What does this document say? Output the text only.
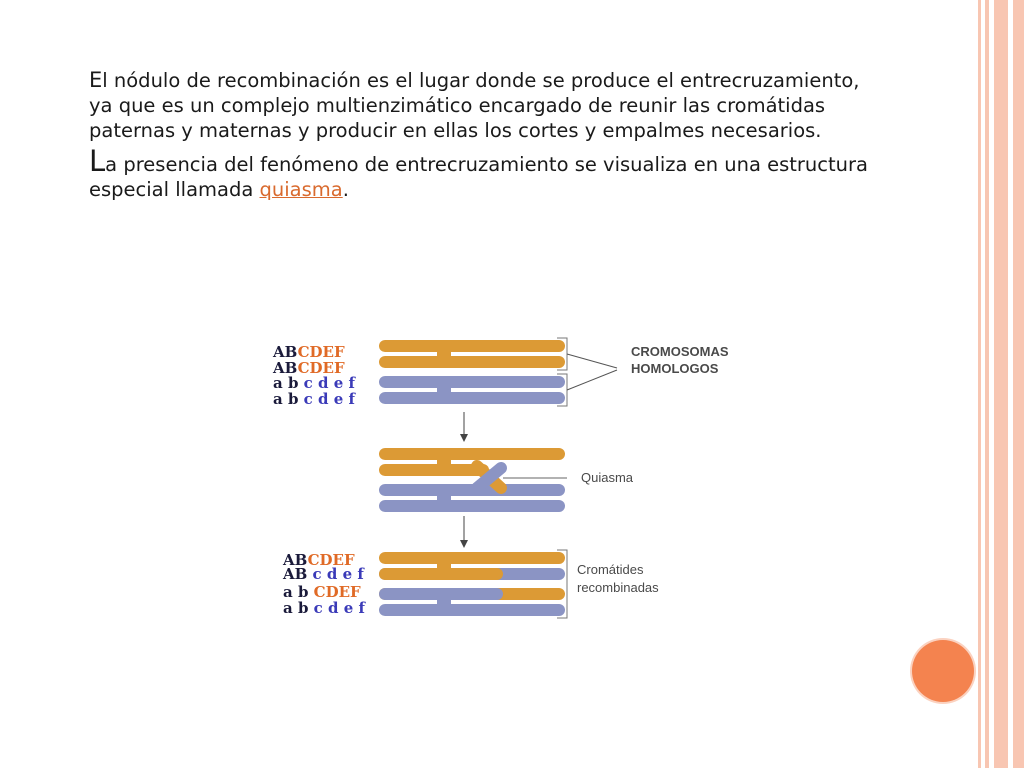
El nódulo de recombinación es el lugar donde se produce el entrecruzamiento, ya que es un complejo multienzimático encargado de reunir las cromátidas paternas y maternas y producir en ellas los cortes y empalmes necesarios.

La presencia del fenómeno de entrecruzamiento se visualiza en una estructura especial llamada quiasma.

ABCDEF
ABCDEF
a b c d e f
a b c d e f
CROMOSOMAS
HOMOLOGOS
Quiasma
ABCDEF
AB c d e f
a b CDEF
a b c d e f
Cromátides
recombinadas
